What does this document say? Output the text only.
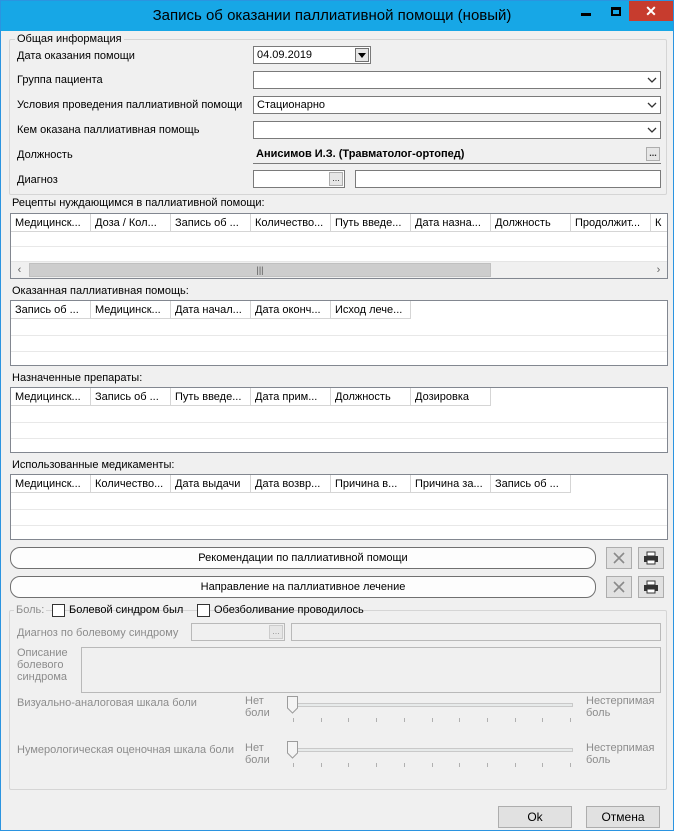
Запись об оказании паллиативной помощи (новый)	✕
Общая информация
Дата оказания помощи	04.09.2019
Группа пациента
Условия проведения паллиативной помощи	Стационарно
Кем оказана паллиативная помощь
Должность	Анисимов И.З. (Травматолог-ортопед)	...
Диагноз	...
Рецепты нуждающимся в паллиативной помощи:
Медицинск...	Доза / Кол...	Запись об ...	Количество...	Путь введе...	Дата назна...	Должность	Продолжит...	К
‹	|||	›
Оказанная паллиативная помощь:
Запись об ...	Медицинск...	Дата начал...	Дата оконч...	Исход лече...
Назначенные препараты:
Медицинск...	Запись об ...	Путь введе...	Дата прим...	Должность	Дозировка
Использованные медикаменты:
Медицинск...	Количество...	Дата выдачи	Дата возвр...	Причина в...	Причина за...	Запись об ...
Рекомендации по паллиативной помощи
Направление на паллиативное лечение
Боль: Болевой синдром был	Обезболивание проводилось
Диагноз по болевому синдрому	...
Описание болевого синдрома
Визуально-аналоговая шкала боли	Нет боли
Нестерпимая боль
Нумерологическая оценочная шкала боли Нет боли
Нестерпимая боль
Ok	Отмена
